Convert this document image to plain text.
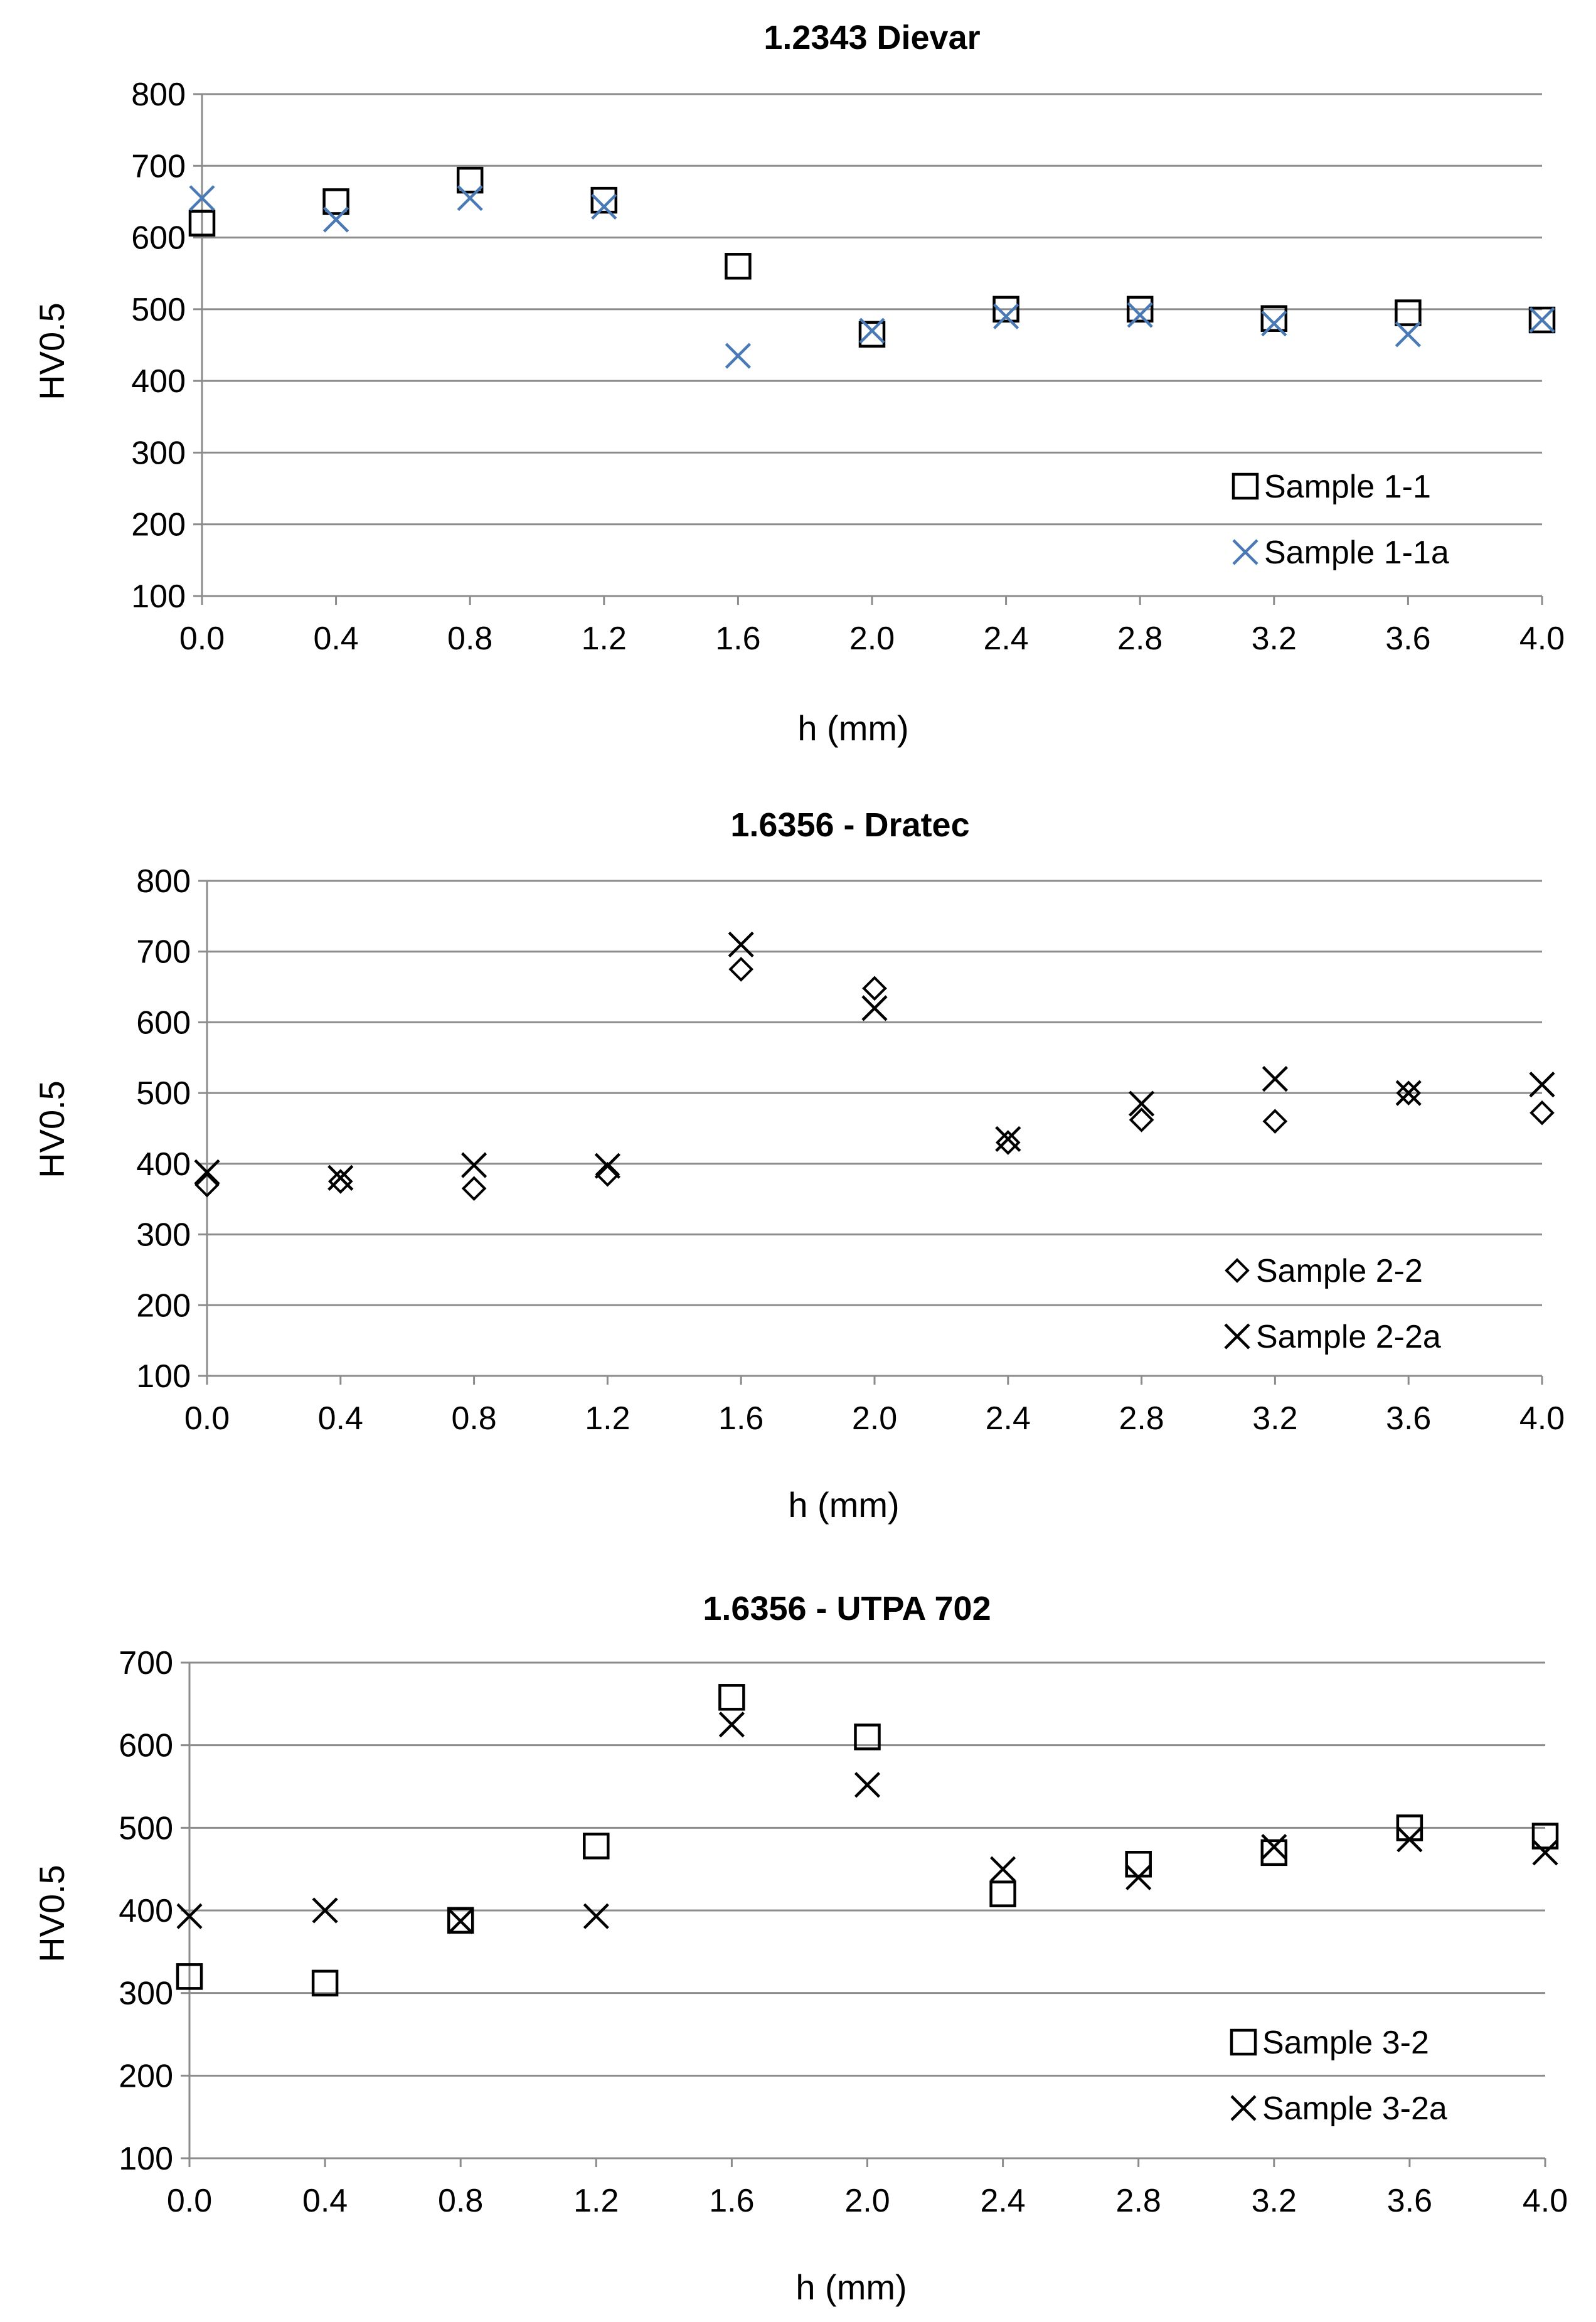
1.2343 Dievar
100
200
300
400
500
600
700
800
0.0	0.4	0.8	1.2	1.6	2.0	2.4	2.8	3.2	3.6	4.0
h (mm)
HV0.5
Sample 1-1
Sample 1-1a
1.6356 - Dratec
100
200
300
400
500
600
700
800
0.0	0.4	0.8	1.2	1.6	2.0	2.4	2.8	3.2	3.6	4.0
h (mm)
HV0.5
Sample 2-2
Sample 2-2a
1.6356 - UTPA 702
100
200
300
400
500
600
700
0.0	0.4	0.8	1.2	1.6	2.0	2.4	2.8	3.2	3.6	4.0
h (mm)
HV0.5
Sample 3-2
Sample 3-2a
